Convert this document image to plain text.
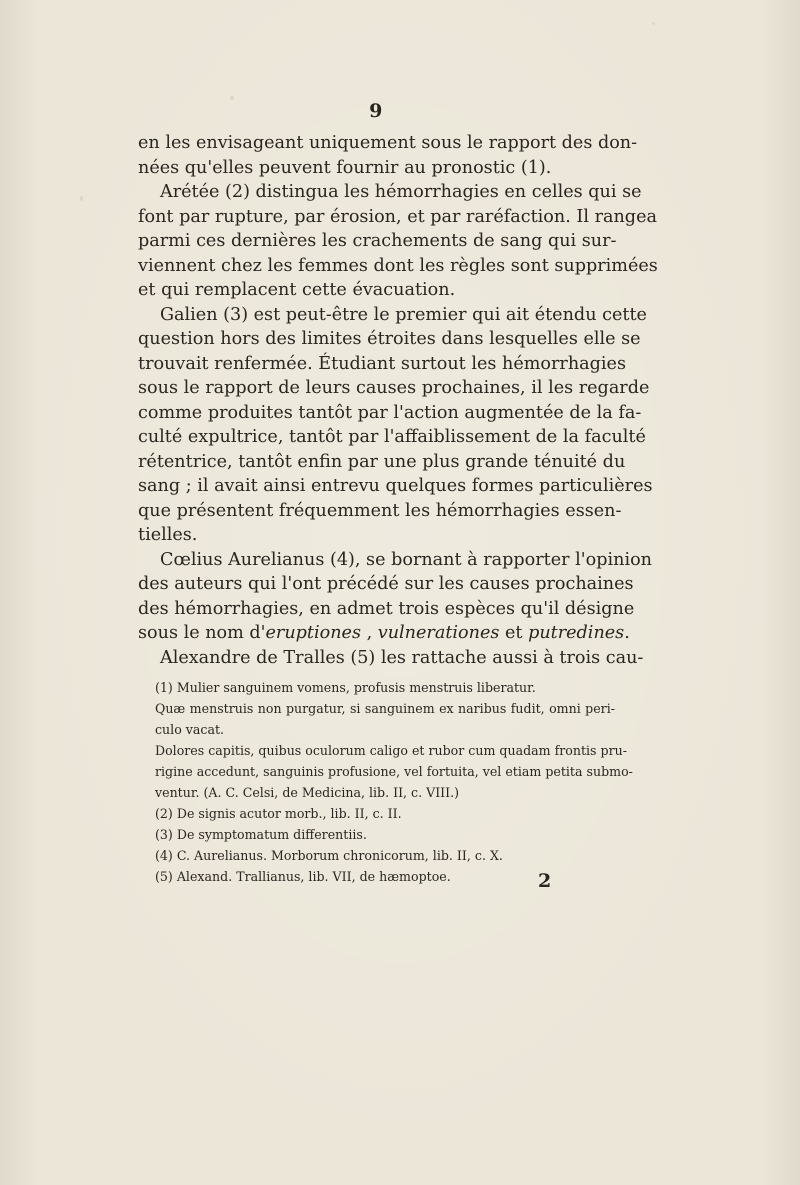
9
en les envisageant uniquement sous le rapport des don-
nées qu'elles peuvent fournir au pronostic (1).
Arétée (2) distingua les hémorrhagies en celles qui se
font par rupture, par érosion, et par raréfaction. Il rangea
parmi ces dernières les crachements de sang qui sur-
viennent chez les femmes dont les règles sont supprimées
et qui remplacent cette évacuation.
Galien (3) est peut-être le premier qui ait étendu cette
question hors des limites étroites dans lesquelles elle se
trouvait renfermée. Étudiant surtout les hémorrhagies
sous le rapport de leurs causes prochaines, il les regarde
comme produites tantôt par l'action augmentée de la fa-
culté expultrice, tantôt par l'affaiblissement de la faculté
rétentrice, tantôt enfin par une plus grande ténuité du
sang ; il avait ainsi entrevu quelques formes particulières
que présentent fréquemment les hémorrhagies essen-
tielles.
Cœlius Aurelianus (4), se bornant à rapporter l'opinion
des auteurs qui l'ont précédé sur les causes prochaines
des hémorrhagies, en admet trois espèces qu'il désigne
sous le nom d'eruptiones , vulnerationes et putredines.
Alexandre de Tralles (5) les rattache aussi à trois cau-
(1) Mulier sanguinem vomens, profusis menstruis liberatur.
Quæ menstruis non purgatur, si sanguinem ex naribus fudit, omni peri-
culo vacat.
Dolores capitis, quibus oculorum caligo et rubor cum quadam frontis pru-
rigine accedunt, sanguinis profusione, vel fortuita, vel etiam petita submo-
ventur. (A. C. Celsi, de Medicina, lib. II, c. VIII.)
(2) De signis acutor morb., lib. II, c. II.
(3) De symptomatum differentiis.
(4) C. Aurelianus. Morborum chronicorum, lib. II, c. X.
(5) Alexand. Trallianus, lib. VII, de hæmoptoe.	2
